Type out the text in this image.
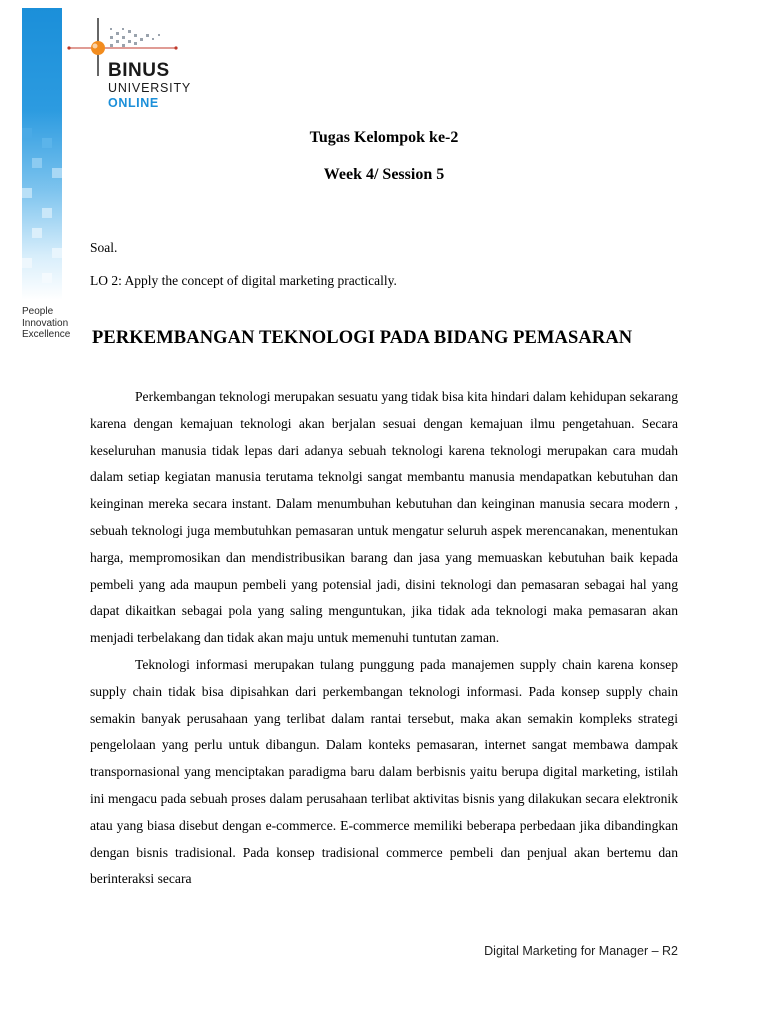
People
Innovation
Excellence
BINUS
UNIVERSITY
ONLINE
Tugas Kelompok ke-2
Week 4/ Session 5
Soal.
LO 2: Apply the concept of digital marketing practically.
PERKEMBANGAN TEKNOLOGI PADA BIDANG PEMASARAN

Perkembangan teknologi merupakan sesuatu yang tidak bisa kita hindari dalam kehidupan sekarang karena dengan kemajuan teknologi akan berjalan sesuai dengan kemajuan ilmu pengetahuan. Secara keseluruhan manusia tidak lepas dari adanya sebuah teknologi karena teknologi merupakan cara mudah dalam setiap kegiatan manusia terutama teknolgi sangat membantu manusia mendapatkan kebutuhan dan keinginan mereka secara instant. Dalam menumbuhan kebutuhan dan keinginan manusia secara modern , sebuah teknologi juga membutuhkan pemasaran untuk mengatur seluruh aspek merencanakan, menentukan harga, mempromosikan dan mendistribusikan barang dan jasa yang memuaskan kebutuhan baik kepada pembeli yang ada maupun pembeli yang potensial jadi, disini teknologi dan pemasaran sebagai hal yang dapat dikaitkan sebagai pola yang saling menguntukan, jika tidak ada teknologi maka pemasaran akan menjadi terbelakang dan tidak akan maju untuk memenuhi tuntutan zaman.

Teknologi informasi merupakan tulang punggung pada manajemen supply chain karena konsep supply chain tidak bisa dipisahkan dari perkembangan teknologi informasi. Pada konsep supply chain semakin banyak perusahaan yang terlibat dalam rantai tersebut, maka akan semakin kompleks strategi pengelolaan yang perlu untuk dibangun. Dalam konteks pemasaran, internet sangat membawa dampak transpornasional yang menciptakan paradigma baru dalam berbisnis yaitu berupa digital marketing, istilah ini mengacu pada sebuah proses dalam perusahaan terlibat aktivitas bisnis yang dilakukan secara elektronik atau yang biasa disebut dengan e-commerce. E-commerce memiliki beberapa perbedaan jika dibandingkan dengan bisnis tradisional. Pada konsep tradisional commerce pembeli dan penjual akan bertemu dan berinteraksi secara

Digital Marketing for Manager – R2
